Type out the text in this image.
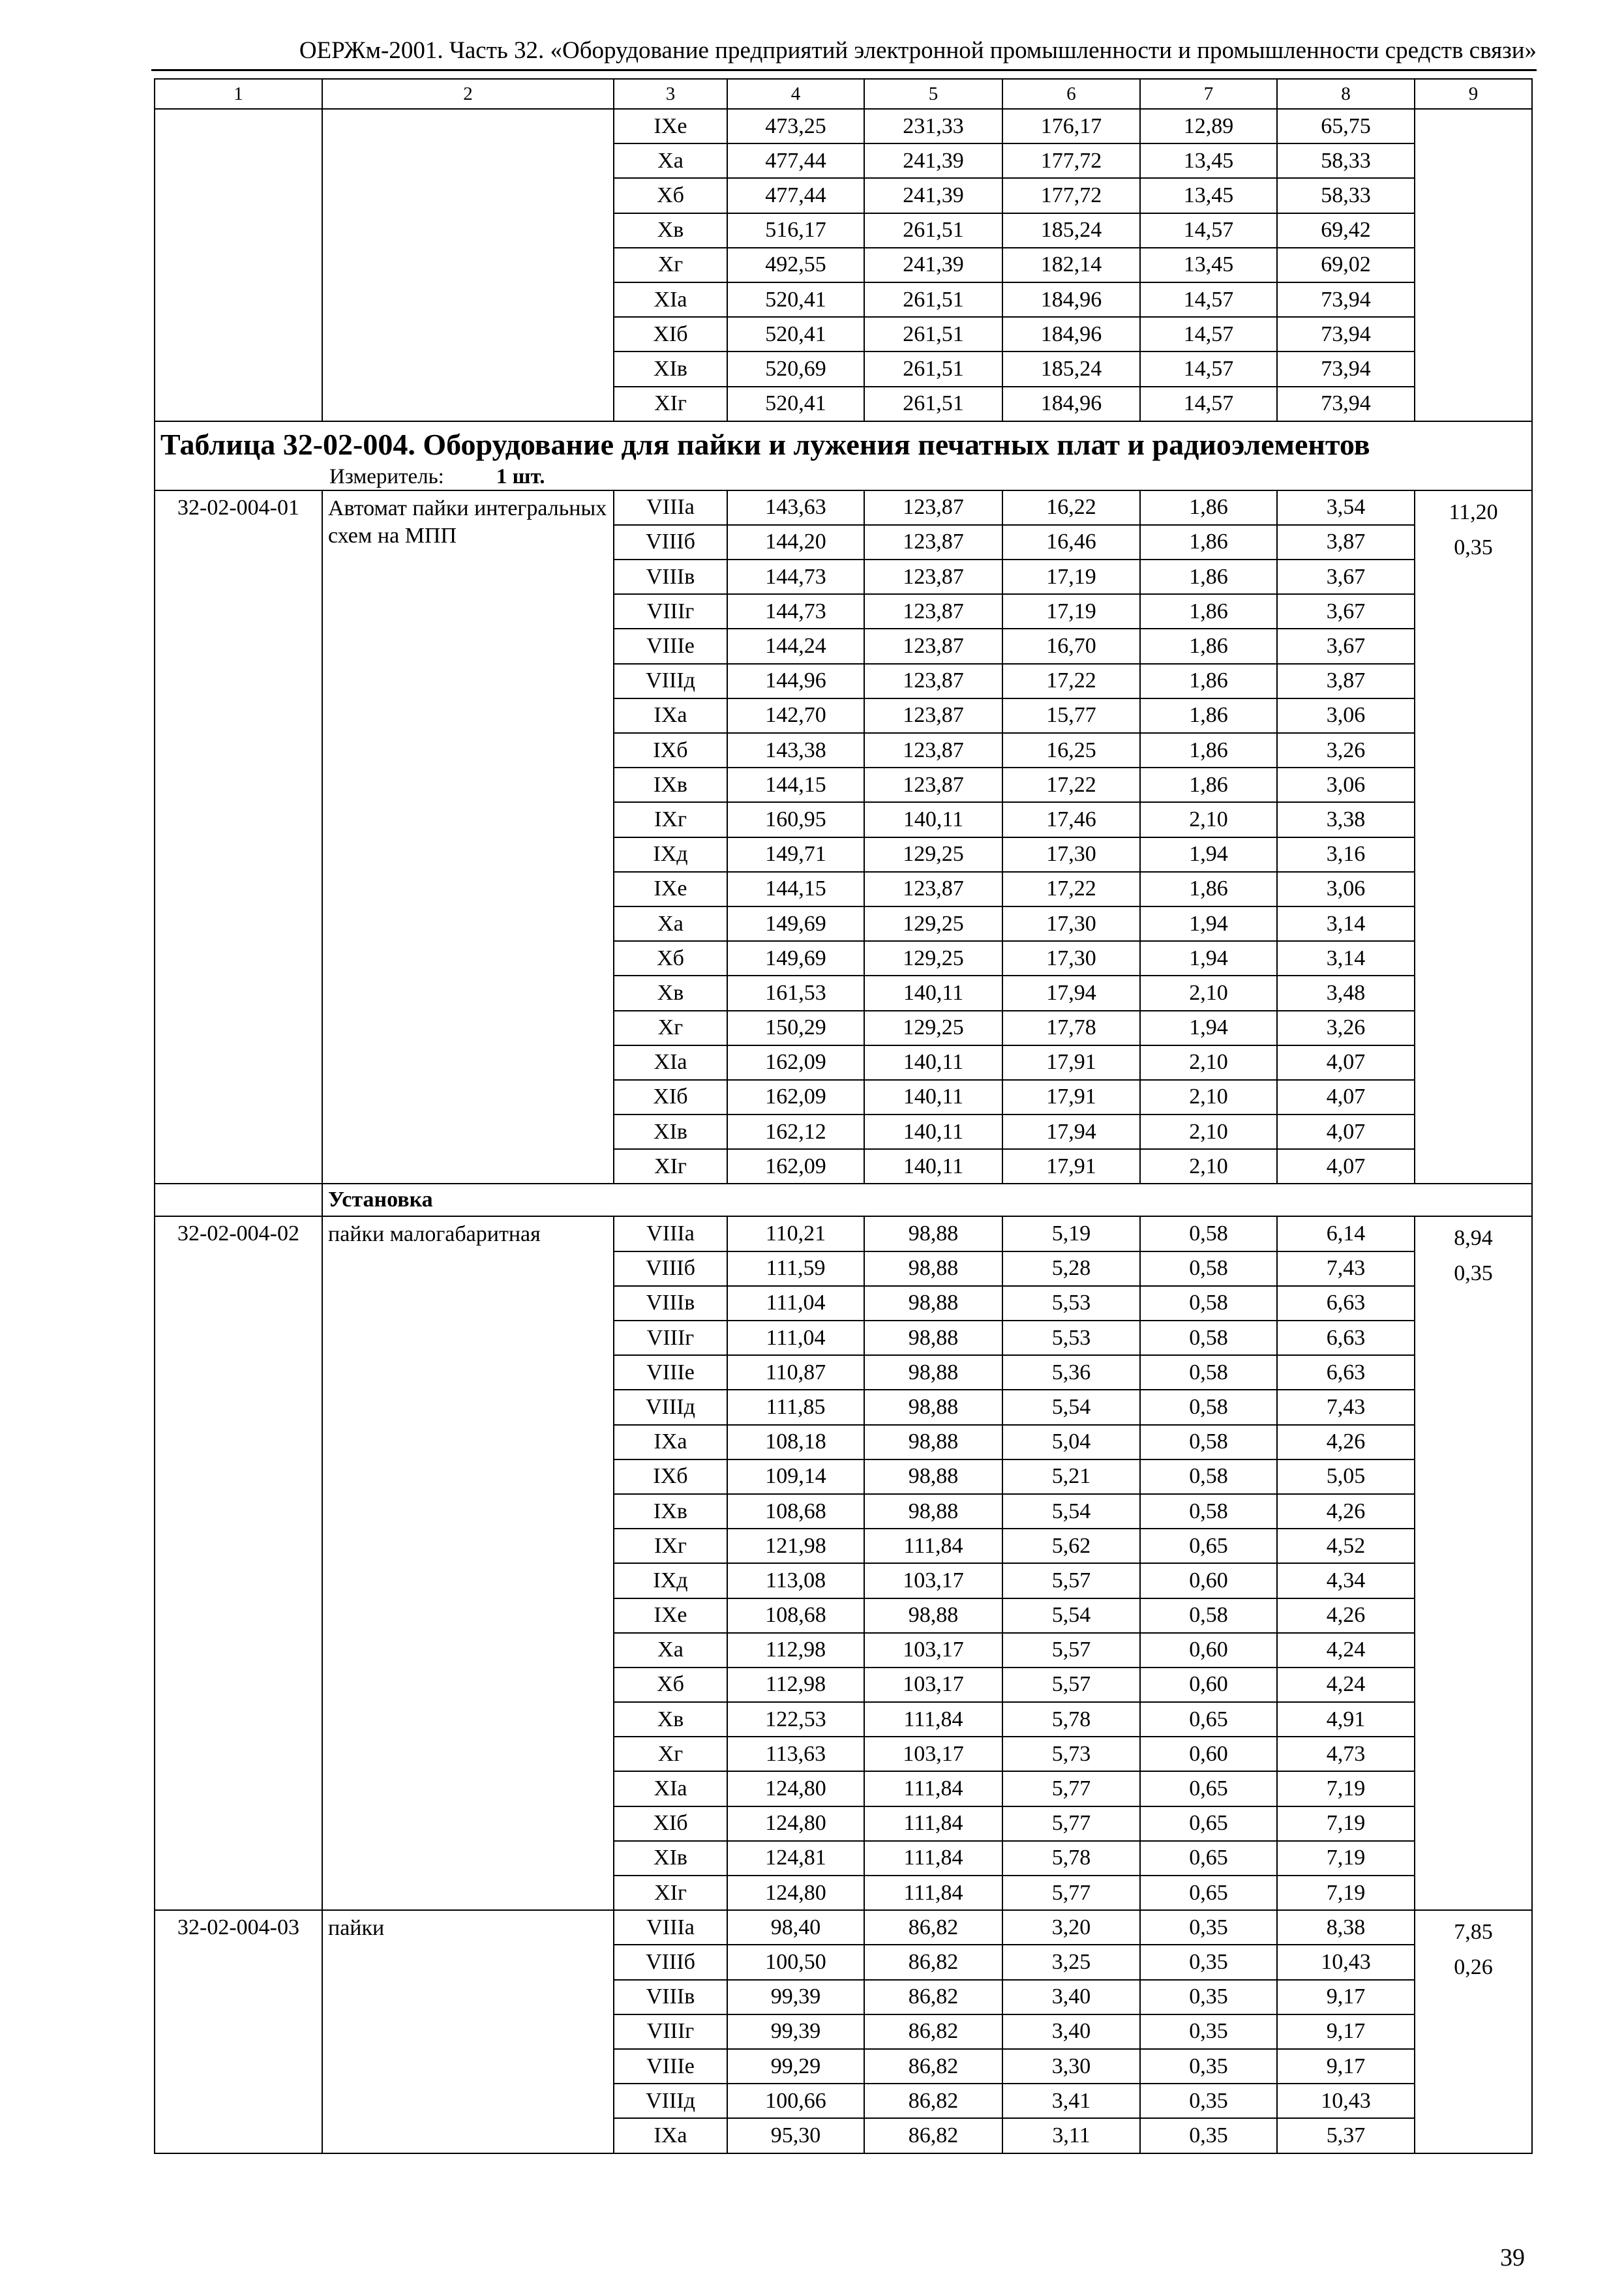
ОЕРЖм-2001. Часть 32. «Оборудование предприятий электронной промышленности и промышленности средств связи»
1	2	3	4	5	6	7	8	9
		IXе	473,25	231,33	176,17	12,89	65,75	
		Xа	477,44	241,39	177,72	13,45	58,33	
		Xб	477,44	241,39	177,72	13,45	58,33	
		Xв	516,17	261,51	185,24	14,57	69,42	
		Xг	492,55	241,39	182,14	13,45	69,02	
		XIа	520,41	261,51	184,96	14,57	73,94	
		XIб	520,41	261,51	184,96	14,57	73,94	
		XIв	520,69	261,51	185,24	14,57	73,94	
		XIг	520,41	261,51	184,96	14,57	73,94	

Таблица 32-02-004. Оборудование для пайки и лужения печатных плат и радиоэлементов
Измеритель: 1 шт.								

32-02-004-01	Автомат пайки интегральных схем на МПП	VIIIа	143,63	123,87	16,22	1,86	3,54	11,20
0,35

		VIIIб	144,20	123,87	16,46	1,86	3,87	
		VIIIв	144,73	123,87	17,19	1,86	3,67	
		VIIIг	144,73	123,87	17,19	1,86	3,67	
		VIIIе	144,24	123,87	16,70	1,86	3,67	
		VIIIд	144,96	123,87	17,22	1,86	3,87	
		IXа	142,70	123,87	15,77	1,86	3,06	
		IXб	143,38	123,87	16,25	1,86	3,26	
		IXв	144,15	123,87	17,22	1,86	3,06	
		IXг	160,95	140,11	17,46	2,10	3,38	
		IXд	149,71	129,25	17,30	1,94	3,16	
		IXе	144,15	123,87	17,22	1,86	3,06	
		Xа	149,69	129,25	17,30	1,94	3,14	
		Xб	149,69	129,25	17,30	1,94	3,14	
		Xв	161,53	140,11	17,94	2,10	3,48	
		Xг	150,29	129,25	17,78	1,94	3,26	
		XIа	162,09	140,11	17,91	2,10	4,07	
		XIб	162,09	140,11	17,91	2,10	4,07	
		XIв	162,12	140,11	17,94	2,10	4,07	
		XIг	162,09	140,11	17,91	2,10	4,07	
	Установка							
32-02-004-02	пайки малогабаритная	VIIIа	110,21	98,88	5,19	0,58	6,14	8,94
0,35

		VIIIб	111,59	98,88	5,28	0,58	7,43	
		VIIIв	111,04	98,88	5,53	0,58	6,63	
		VIIIг	111,04	98,88	5,53	0,58	6,63	
		VIIIе	110,87	98,88	5,36	0,58	6,63	
		VIIIд	111,85	98,88	5,54	0,58	7,43	
		IXа	108,18	98,88	5,04	0,58	4,26	
		IXб	109,14	98,88	5,21	0,58	5,05	
		IXв	108,68	98,88	5,54	0,58	4,26	
		IXг	121,98	111,84	5,62	0,65	4,52	
		IXд	113,08	103,17	5,57	0,60	4,34	
		IXе	108,68	98,88	5,54	0,58	4,26	
		Xа	112,98	103,17	5,57	0,60	4,24	
		Xб	112,98	103,17	5,57	0,60	4,24	
		Xв	122,53	111,84	5,78	0,65	4,91	
		Xг	113,63	103,17	5,73	0,60	4,73	
		XIа	124,80	111,84	5,77	0,65	7,19	
		XIб	124,80	111,84	5,77	0,65	7,19	
		XIв	124,81	111,84	5,78	0,65	7,19	
		XIг	124,80	111,84	5,77	0,65	7,19	
32-02-004-03	пайки	VIIIа	98,40	86,82	3,20	0,35	8,38	7,85
0,26

		VIIIб	100,50	86,82	3,25	0,35	10,43	
		VIIIв	99,39	86,82	3,40	0,35	9,17	
		VIIIг	99,39	86,82	3,40	0,35	9,17	
		VIIIе	99,29	86,82	3,30	0,35	9,17	
		VIIIд	100,66	86,82	3,41	0,35	10,43	
		IXа	95,30	86,82	3,11	0,35	5,37	
39
